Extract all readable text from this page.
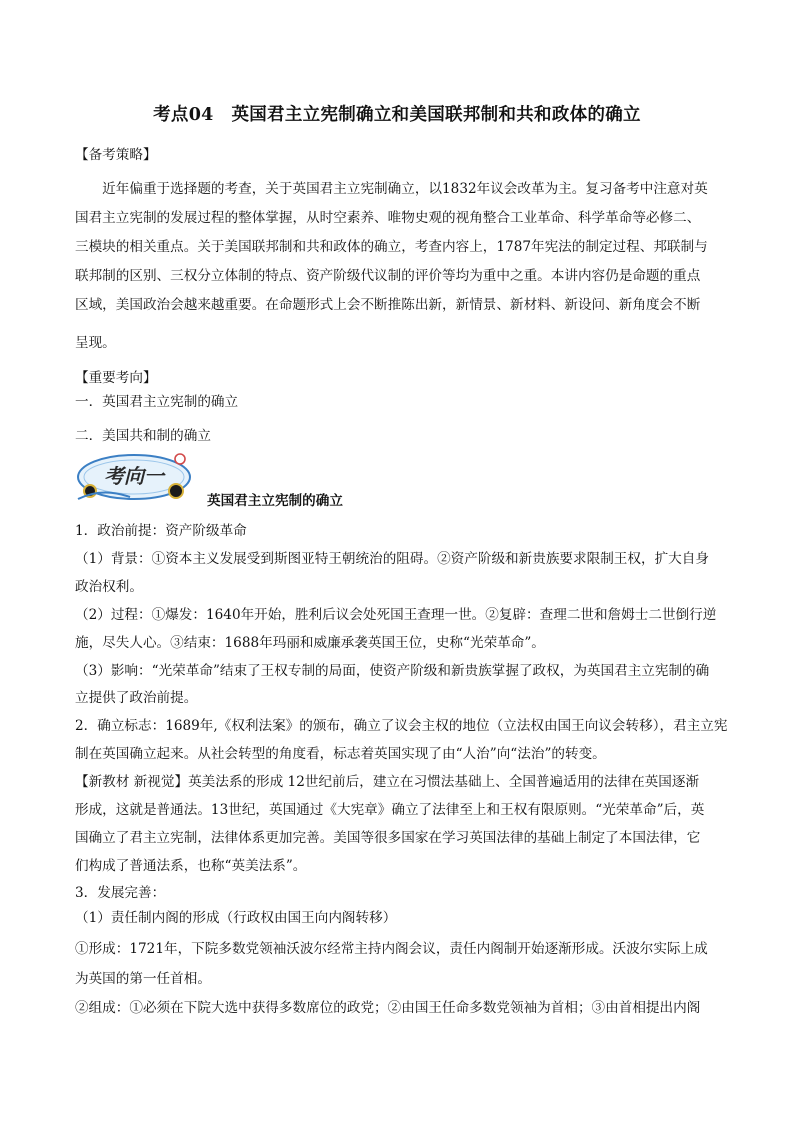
考点04　英国君主立宪制确立和美国联邦制和共和政体的确立
【备考策略】
　　近年偏重于选择题的考查，关于英国君主立宪制确立，以1832年议会改革为主。复习备考中注意对英
国君主立宪制的发展过程的整体掌握，从时空素养、唯物史观的视角整合工业革命、科学革命等必修二、
三模块的相关重点。关于美国联邦制和共和政体的确立，考查内容上，1787年宪法的制定过程、邦联制与
联邦制的区别、三权分立体制的特点、资产阶级代议制的评价等均为重中之重。本讲内容仍是命题的重点
区域，美国政治会越来越重要。在命题形式上会不断推陈出新，新情景、新材料、新设问、新角度会不断
呈现。
【重要考向】
一．英国君主立宪制的确立
二．美国共和制的确立
考向一
英国君主立宪制的确立
1．政治前提：资产阶级革命
（1）背景：①资本主义发展受到斯图亚特王朝统治的阻碍。②资产阶级和新贵族要求限制王权，扩大自身
政治权利。
（2）过程：①爆发：1640年开始，胜利后议会处死国王查理一世。②复辟：查理二世和詹姆士二世倒行逆
施，尽失人心。③结束：1688年玛丽和威廉承袭英国王位，史称“光荣革命”。
（3）影响：“光荣革命”结束了王权专制的局面，使资产阶级和新贵族掌握了政权，为英国君主立宪制的确
立提供了政治前提。
2．确立标志：1689年,《权利法案》的颁布，确立了议会主权的地位（立法权由国王向议会转移），君主立宪
制在英国确立起来。从社会转型的角度看，标志着英国实现了由“人治”向“法治”的转变。
【新教材 新视觉】英美法系的形成 12世纪前后，建立在习惯法基础上、全国普遍适用的法律在英国逐渐
形成，这就是普通法。13世纪，英国通过《大宪章》确立了法律至上和王权有限原则。“光荣革命”后，英
国确立了君主立宪制，法律体系更加完善。美国等很多国家在学习英国法律的基础上制定了本国法律，它
们构成了普通法系，也称“英美法系”。
3．发展完善：
（1）责任制内阁的形成（行政权由国王向内阁转移）
①形成：1721年，下院多数党领袖沃波尔经常主持内阁会议，责任内阁制开始逐渐形成。沃波尔实际上成
为英国的第一任首相。
②组成：①必须在下院大选中获得多数席位的政党；②由国王任命多数党领袖为首相；③由首相提出内阁
